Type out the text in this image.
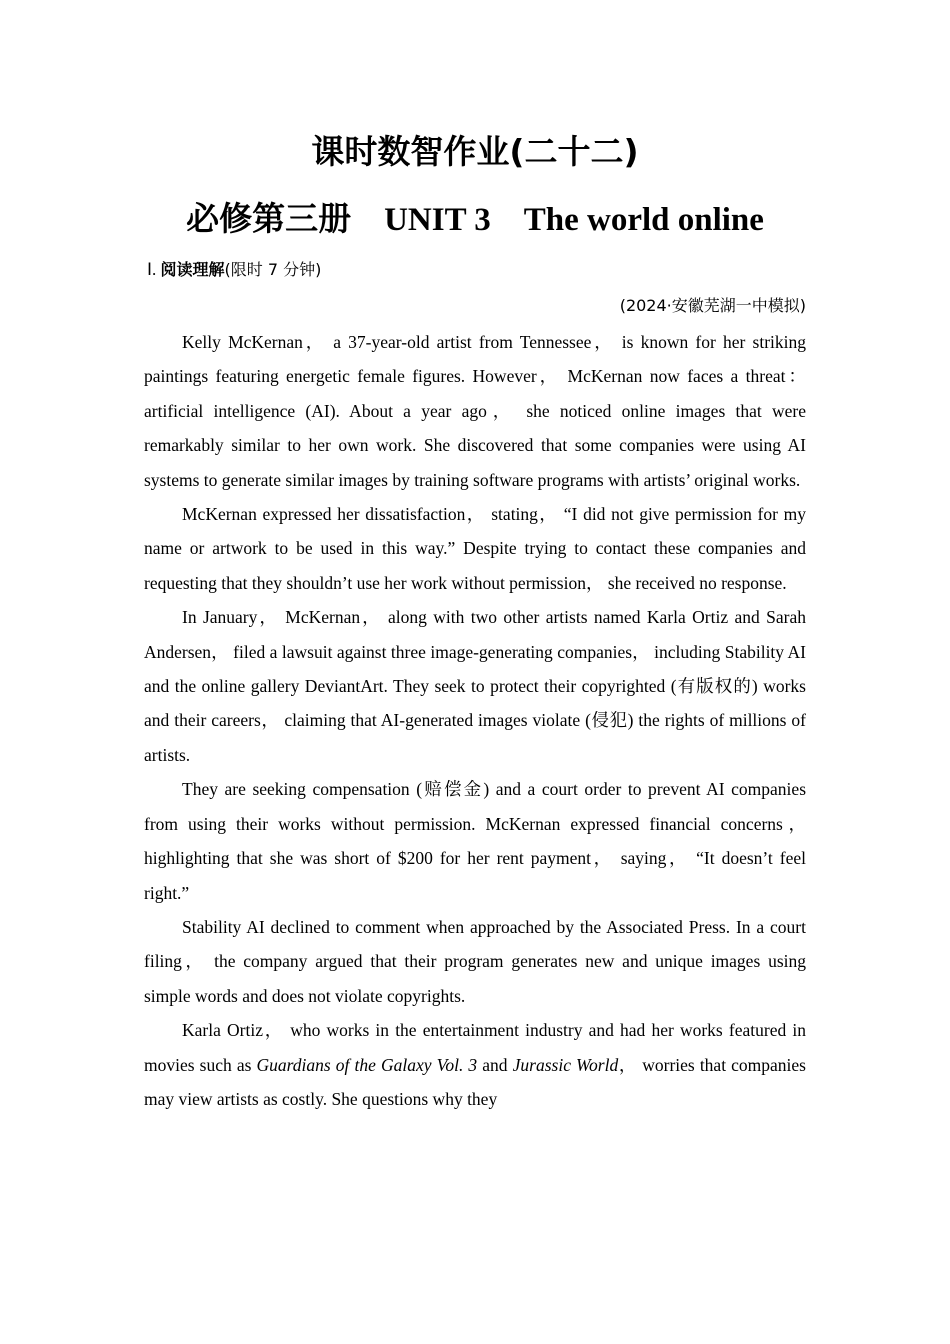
课时数智作业(二十二)
必修第三册  UNIT 3  The world online
Ⅰ. 阅读理解(限时 7 分钟)
(2024·安徽芜湖一中模拟)

Kelly McKernan， a 37-year-old artist from Tennessee， is known for her striking paintings featuring energetic female figures. However， McKernan now faces a threat： artificial intelligence (AI). About a year ago， she noticed online images that were remarkably similar to her own work. She discovered that some companies were using AI systems to generate similar images by training software programs with artists’ original works.

McKernan expressed her dissatisfaction， stating， “I did not give permission for my name or artwork to be used in this way.” Despite trying to contact these companies and requesting that they shouldn’t use her work without permission， she received no response.

In January， McKernan， along with two other artists named Karla Ortiz and Sarah Andersen， filed a lawsuit against three image-generating companies， including Stability AI and the online gallery DeviantArt. They seek to protect their copyrighted (有版权的) works and their careers， claiming that AI-generated images violate (侵犯) the rights of millions of artists.

They are seeking compensation (赔偿金) and a court order to prevent AI companies from using their works without permission. McKernan expressed financial concerns， highlighting that she was short of $200 for her rent payment， saying， “It doesn’t feel right.”

Stability AI declined to comment when approached by the Associated Press. In a court filing， the company argued that their program generates new and unique images using simple words and does not violate copyrights.

Karla Ortiz， who works in the entertainment industry and had her works featured in movies such as Guardians of the Galaxy Vol. 3 and Jurassic World， worries that companies may view artists as costly. She questions why they
